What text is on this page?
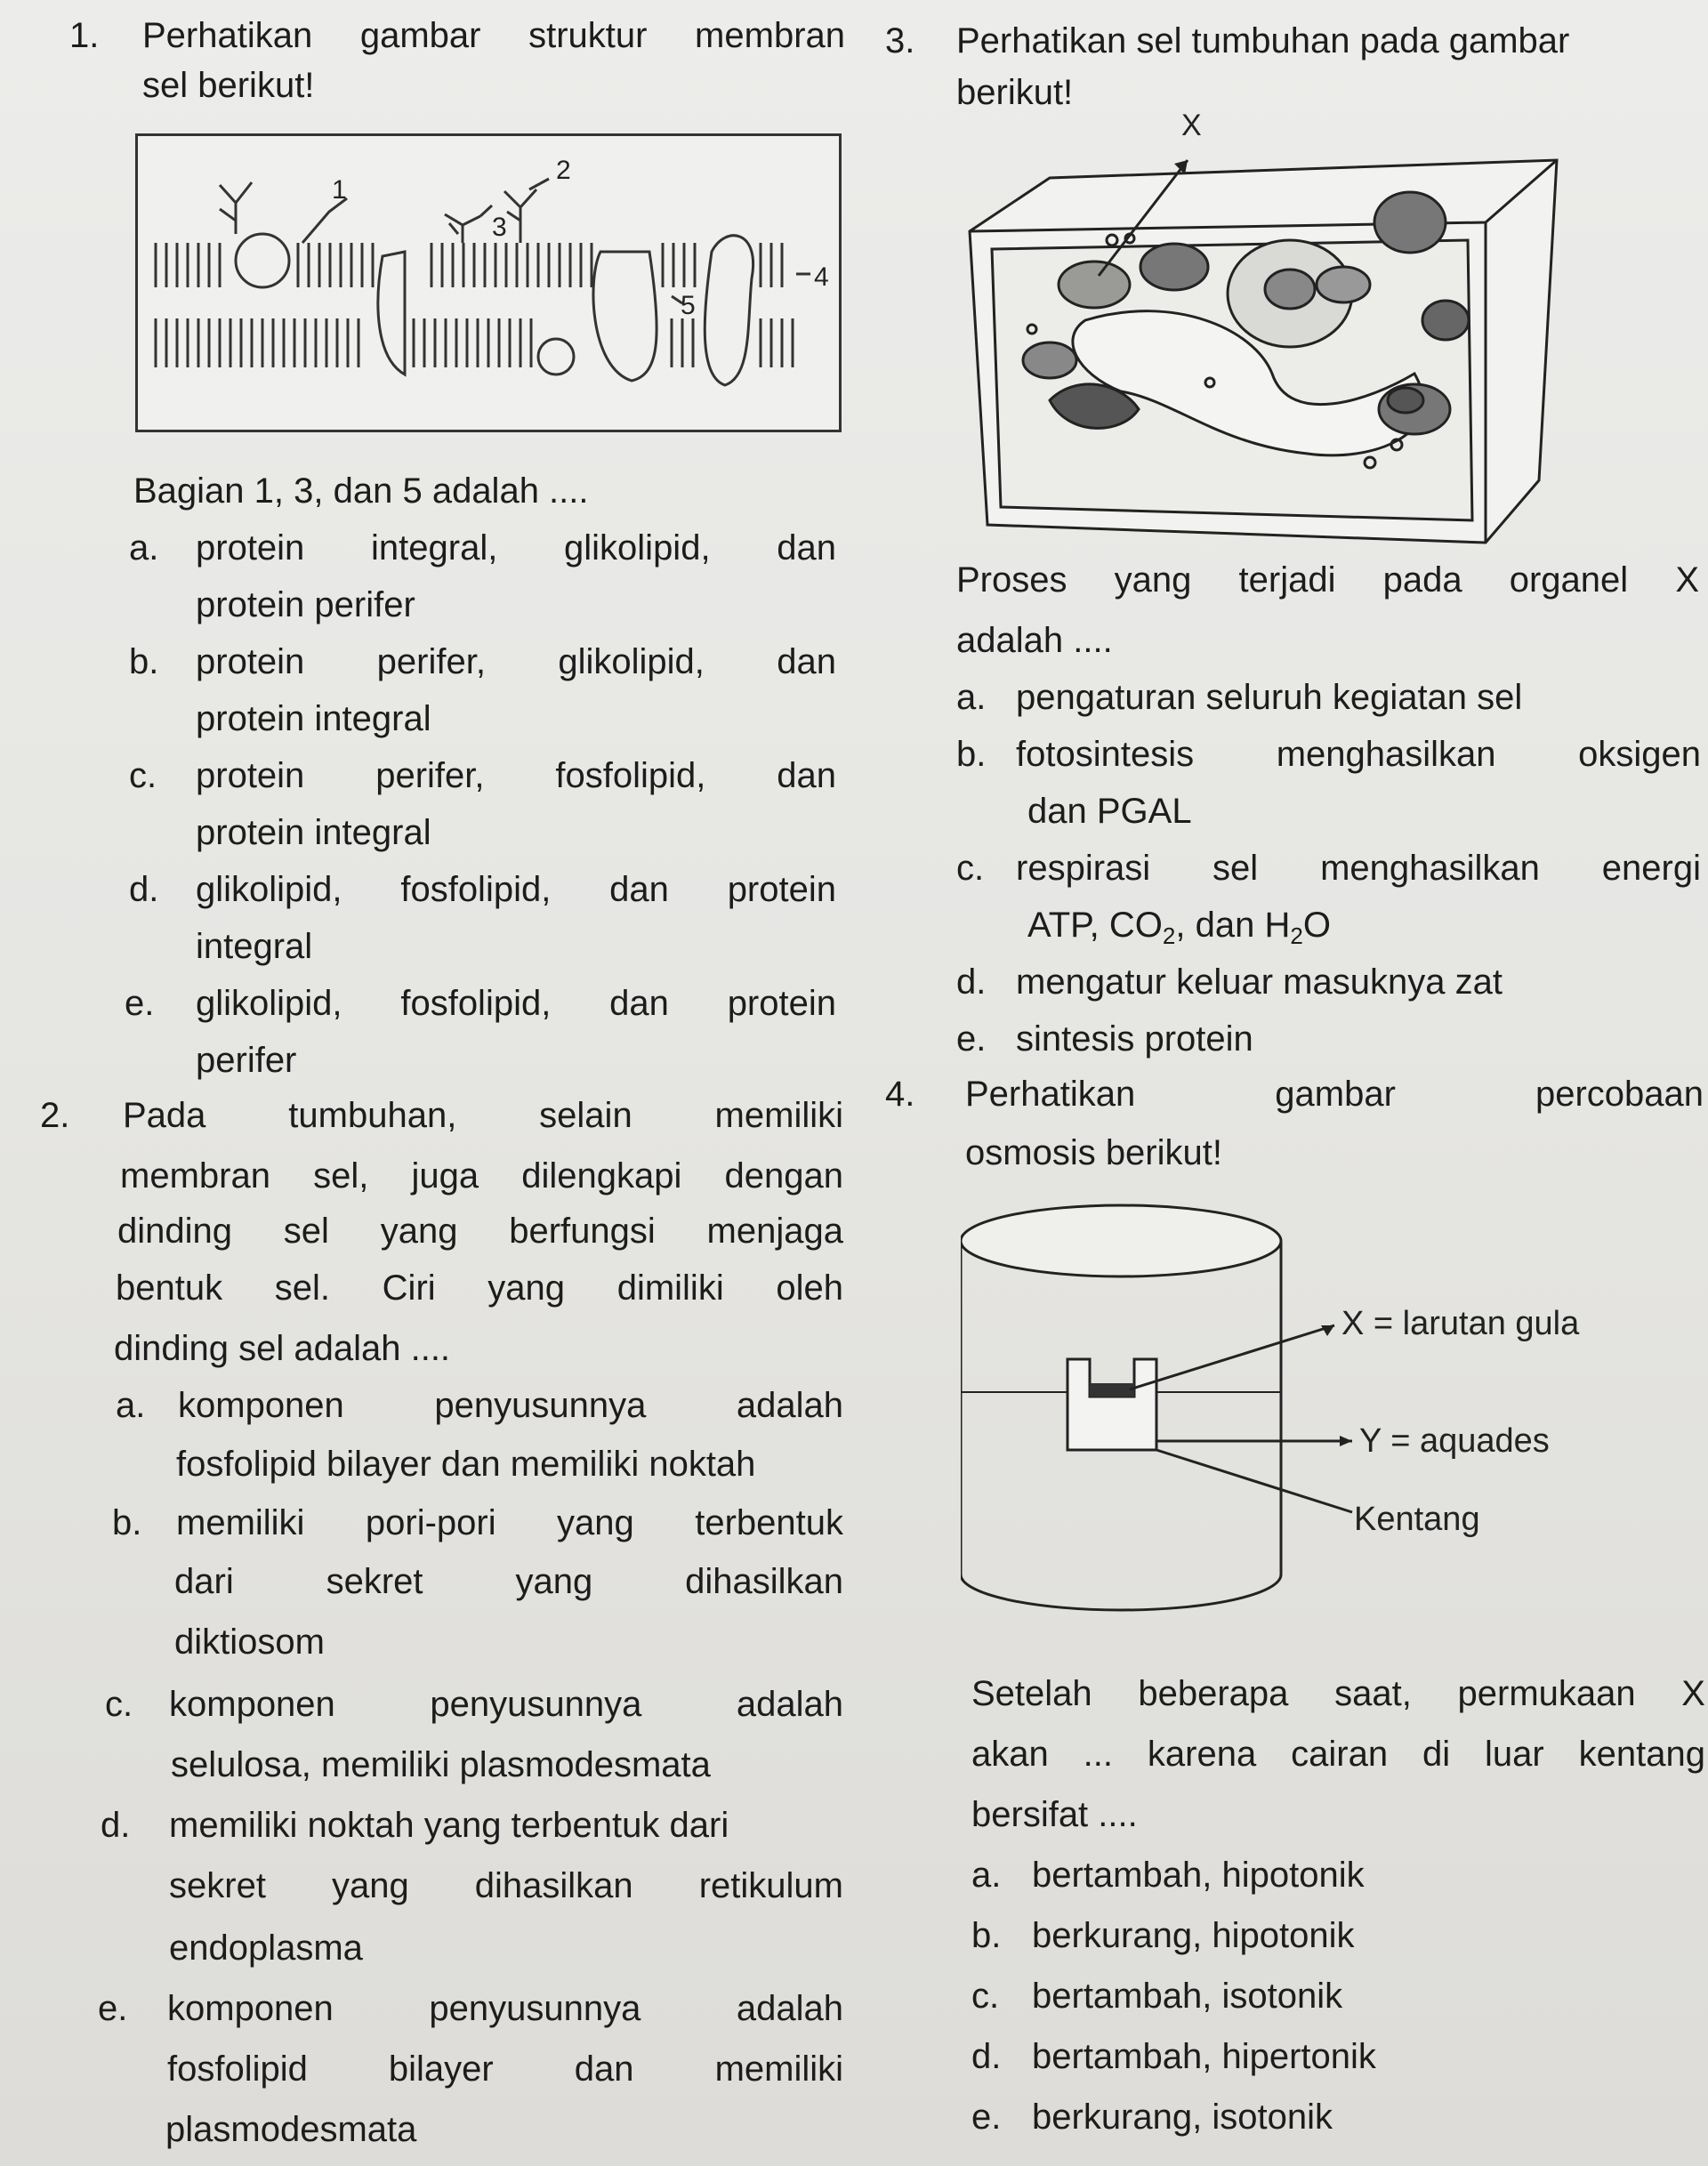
1. Perhatikan gambar struktur membran
sel berikut!
1
2
3
4
5
Bagian 1, 3, dan 5 adalah ....
a. protein integral, glikolipid, dan
protein perifer
b. protein perifer, glikolipid, dan
protein integral
c. protein perifer, fosfolipid, dan
protein integral
d. glikolipid, fosfolipid, dan protein
integral
e. glikolipid, fosfolipid, dan protein
perifer
2. Pada tumbuhan, selain memiliki
membran sel, juga dilengkapi dengan
dinding sel yang berfungsi menjaga
bentuk sel. Ciri yang dimiliki oleh
dinding sel adalah ....
a. komponen penyusunnya adalah
fosfolipid bilayer dan memiliki noktah
b. memiliki pori-pori yang terbentuk
dari sekret yang dihasilkan
diktiosom
c. komponen penyusunnya adalah
selulosa, memiliki plasmodesmata
d. memiliki noktah yang terbentuk dari
sekret yang dihasilkan retikulum
endoplasma
e. komponen penyusunnya adalah
fosfolipid bilayer dan memiliki
plasmodesmata
3. Perhatikan sel tumbuhan pada gambar
berikut!
X
Proses yang terjadi pada organel X
adalah ....
a. pengaturan seluruh kegiatan sel
b. fotosintesis menghasilkan oksigen
dan PGAL
c. respirasi sel menghasilkan energi
ATP, $CO_2$, dan $H_2O$
d. mengatur keluar masuknya zat
e. sintesis protein
4. Perhatikan gambar percobaan
osmosis berikut!
X = larutan gula
Y = aquades
Kentang
Setelah beberapa saat, permukaan X
akan ... karena cairan di luar kentang
bersifat ....
a. bertambah, hipotonik
b. berkurang, hipotonik
c. bertambah, isotonik
d. bertambah, hipertonik
e. berkurang, isotonik
